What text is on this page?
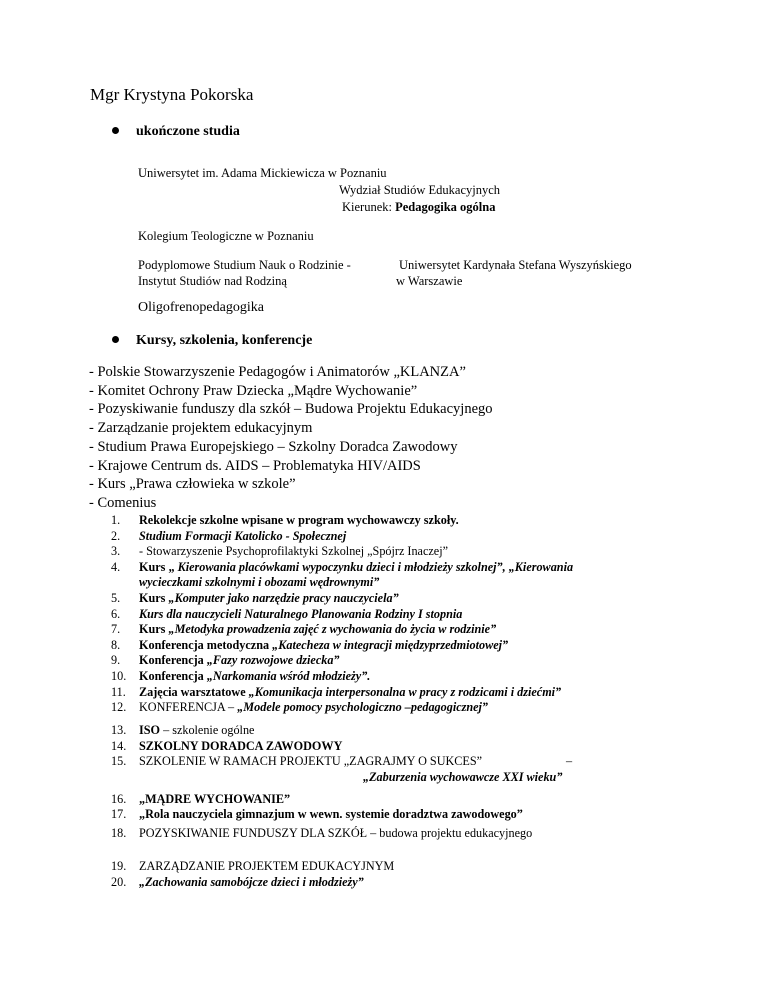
Mgr Krystyna Pokorska
ukończone studia
Uniwersytet im. Adama Mickiewicza w Poznaniu
Wydział Studiów Edukacyjnych
Kierunek: Pedagogika ogólna
Kolegium Teologiczne w Poznaniu
Podyplomowe Studium Nauk o Rodzinie -
Instytut Studiów nad Rodziną
Uniwersytet Kardynała Stefana Wyszyńskiego
w Warszawie
Oligofrenopedagogika
Kursy, szkolenia, konferencje
- Polskie Stowarzyszenie Pedagogów i Animatorów „KLANZA”
- Komitet Ochrony Praw Dziecka „Mądre Wychowanie”
- Pozyskiwanie funduszy dla szkół – Budowa Projektu Edukacyjnego
- Zarządzanie projektem edukacyjnym
- Studium Prawa Europejskiego – Szkolny Doradca Zawodowy
- Krajowe Centrum ds. AIDS – Problematyka HIV/AIDS
- Kurs „Prawa człowieka w szkole”
- Comenius
1.	Rekolekcje szkolne wpisane w program wychowawczy szkoły.
2.	Studium Formacji Katolicko - Społecznej
3.	- Stowarzyszenie Psychoprofilaktyki Szkolnej „Spójrz Inaczej”
4.	Kurs „ Kierowania placówkami wypoczynku dzieci i młodzieży szkolnej”, „Kierowania
wycieczkami szkolnymi i obozami wędrownymi”
5.	Kurs „Komputer jako narzędzie pracy nauczyciela”
6.	Kurs dla nauczycieli Naturalnego Planowania Rodziny I stopnia
7.	Kurs „Metodyka prowadzenia zajęć z wychowania do życia w rodzinie”
8.	Konferencja metodyczna „Katecheza w integracji międzyprzedmiotowej”
9.	Konferencja „Fazy rozwojowe dziecka”
10.	Konferencja „Narkomania wśród młodzieży”.
11.	Zajęcia warsztatowe „Komunikacja interpersonalna w pracy z rodzicami i dziećmi”
12.	KONFERENCJA – „Modele pomocy psychologiczno –pedagogicznej”
13.	ISO – szkolenie ogólne
14.	SZKOLNY DORADCA ZAWODOWY
15.	SZKOLENIE W RAMACH PROJEKTU „ZAGRAJMY O SUKCES”	–
„Zaburzenia wychowawcze XXI wieku”
16.	„MĄDRE WYCHOWANIE”
17.	„Rola nauczyciela gimnazjum w wewn. systemie doradztwa zawodowego”
18.	POZYSKIWANIE FUNDUSZY DLA SZKÓŁ – budowa projektu edukacyjnego
19.	ZARZĄDZANIE PROJEKTEM EDUKACYJNYM
20.	„Zachowania samobójcze dzieci i młodzieży”
